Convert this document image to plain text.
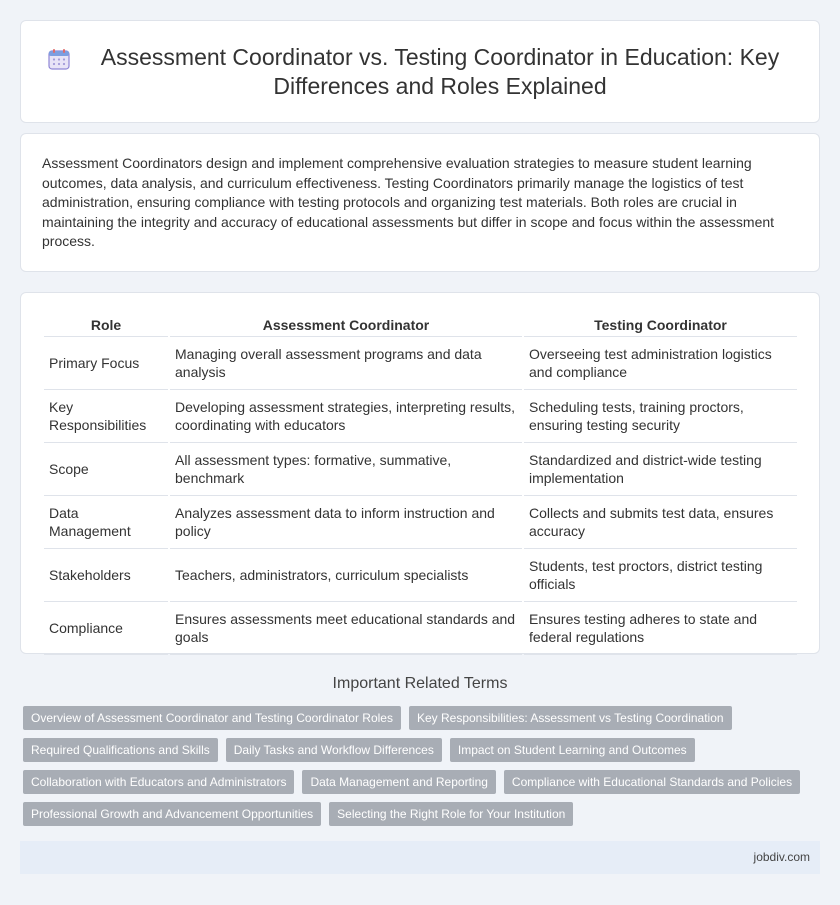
Assessment Coordinator vs. Testing Coordinator in Education: Key Differences and Roles Explained

Assessment Coordinators design and implement comprehensive evaluation strategies to measure student learning outcomes, data analysis, and curriculum effectiveness. Testing Coordinators primarily manage the logistics of test administration, ensuring compliance with testing protocols and organizing test materials. Both roles are crucial in maintaining the integrity and accuracy of educational assessments but differ in scope and focus within the assessment process.

Role	Assessment Coordinator	Testing Coordinator
Primary Focus	Managing overall assessment programs and data analysis	Overseeing test administration logistics and compliance
Key Responsibilities	Developing assessment strategies, interpreting results, coordinating with educators	Scheduling tests, training proctors, ensuring testing security
Scope	All assessment types: formative, summative, benchmark	Standardized and district-wide testing implementation
Data Management	Analyzes assessment data to inform instruction and policy	Collects and submits test data, ensures accuracy
Stakeholders	Teachers, administrators, curriculum specialists	Students, test proctors, district testing officials
Compliance	Ensures assessments meet educational standards and goals	Ensures testing adheres to state and federal regulations
Important Related Terms
Overview of Assessment Coordinator and Testing Coordinator Roles	Key Responsibilities: Assessment vs Testing Coordination
Required Qualifications and Skills	Daily Tasks and Workflow Differences	Impact on Student Learning and Outcomes
Collaboration with Educators and Administrators	Data Management and Reporting	Compliance with Educational Standards and Policies
Professional Growth and Advancement Opportunities	Selecting the Right Role for Your Institution
jobdiv.com
